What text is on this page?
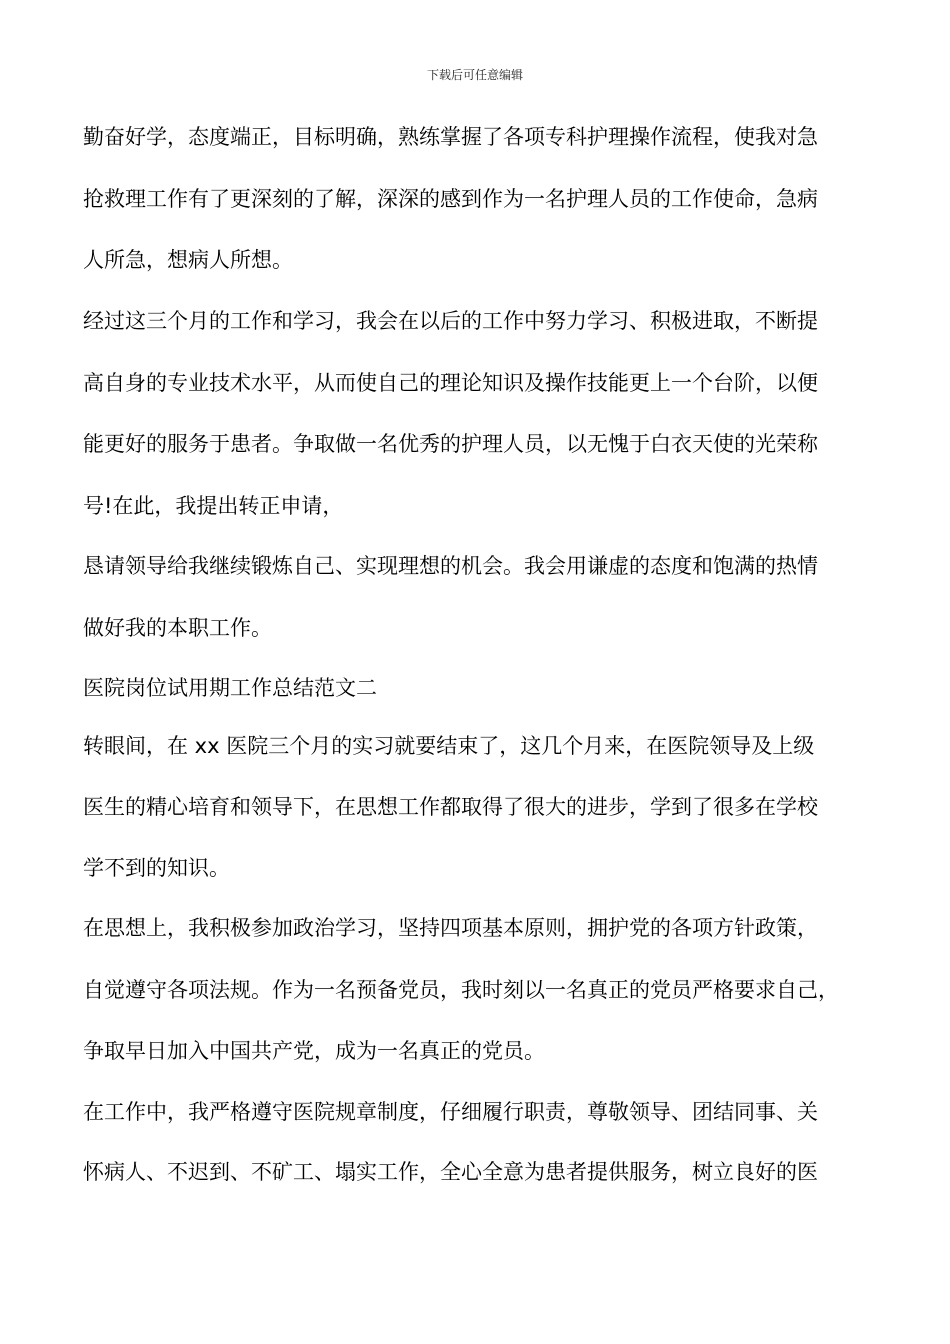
下载后可任意编辑
勤奋好学，态度端正，目标明确，熟练掌握了各项专科护理操作流程，使我对急
抢救理工作有了更深刻的了解，深深的感到作为一名护理人员的工作使命，急病
人所急，想病人所想。
经过这三个月的工作和学习，我会在以后的工作中努力学习、积极进取，不断提
高自身的专业技术水平，从而使自己的理论知识及操作技能更上一个台阶，以便
能更好的服务于患者。争取做一名优秀的护理人员，以无愧于白衣天使的光荣称
号!在此，我提出转正申请，
恳请领导给我继续锻炼自己、实现理想的机会。我会用谦虚的态度和饱满的热情
做好我的本职工作。
医院岗位试用期工作总结范文二
转眼间，在 xx 医院三个月的实习就要结束了，这几个月来，在医院领导及上级
医生的精心培育和领导下，在思想工作都取得了很大的进步，学到了很多在学校
学不到的知识。
在思想上，我积极参加政治学习，坚持四项基本原则，拥护党的各项方针政策，
自觉遵守各项法规。作为一名预备党员，我时刻以一名真正的党员严格要求自己，
争取早日加入中国共产党，成为一名真正的党员。
在工作中，我严格遵守医院规章制度，仔细履行职责，尊敬领导、团结同事、关
怀病人、不迟到、不矿工、塌实工作，全心全意为患者提供服务，树立良好的医
